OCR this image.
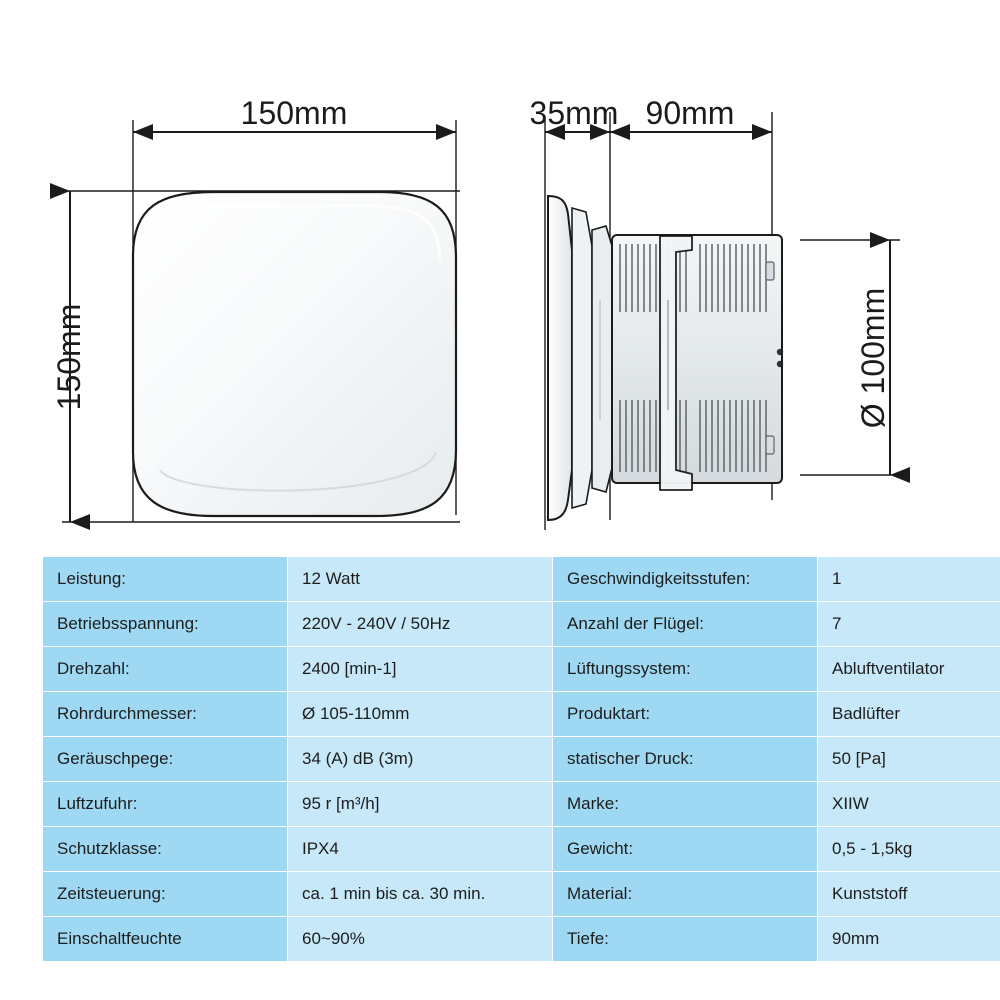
150mm
150mm
35mm 90mm
Ø 100mm
Leistung:	12 Watt	Geschwindigkeitsstufen:	1
Betriebsspannung:	220V - 240V / 50Hz	Anzahl der Flügel:	7
Drehzahl:	2400 [min-1]	Lüftungssystem:	Abluftventilator
Rohrdurchmesser:	Ø 105-110mm	Produktart:	Badlüfter
Geräuschpege:	34 (A) dB (3m)	statischer Druck:	50 [Pa]
Luftzufuhr:	95 r [m³/h]	Marke:	XIIW
Schutzklasse:	IPX4	Gewicht:	0,5 - 1,5kg
Zeitsteuerung:	ca. 1 min bis ca. 30 min.	Material:	Kunststoff
Einschaltfeuchte	60~90%	Tiefe:	90mm
